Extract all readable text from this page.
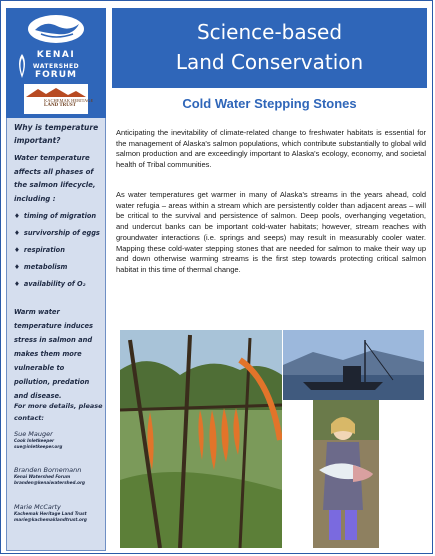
KENAI
WATERSHED
FORUM
KACHEMAK HERITAGE
LAND TRUST
Why is temperature important?
Water temperature affects all phases of the salmon lifecycle, including :
♦ timing of migration
♦ survivorship of eggs
♦ respiration
♦ metabolism
♦ availability of O₂
Warm water temperature induces stress in salmon and makes them more vulnerable to pollution, predation and disease.
For more details, please contact:
Sue Mauger
Cook Inletkeeper
sue@inletkeeper.org
Branden Bornemann
Kenai Watershed Forum
branden@kenaiwatershed.org
Marie McCarty
Kachemak Heritage Land Trust
marie@kachemaklandtrust.org
Science-based
Land Conservation
Cold Water Stepping Stones
Anticipating the inevitability of climate-related change to freshwater habitats is essential for the management of Alaska's salmon populations, which contribute substantially to global wild salmon production and are exceedingly important to Alaska's ecology, economy, and societal health of Tribal communities.
As water temperatures get warmer in many of Alaska's streams in the years ahead, cold water refugia – areas within a stream which are persistently colder than adjacent areas – will be critical to the survival and persistence of salmon. Deep pools, overhanging vegetation, and undercut banks can be important cold-water habitats; however, stream reaches with groundwater interactions (i.e. springs and seeps) may result in measurably cooler water. Mapping these cold-water stepping stones that are needed for salmon to make their way up and down otherwise warming streams is the first step towards protecting critical salmon habitat in this time of thermal change.
